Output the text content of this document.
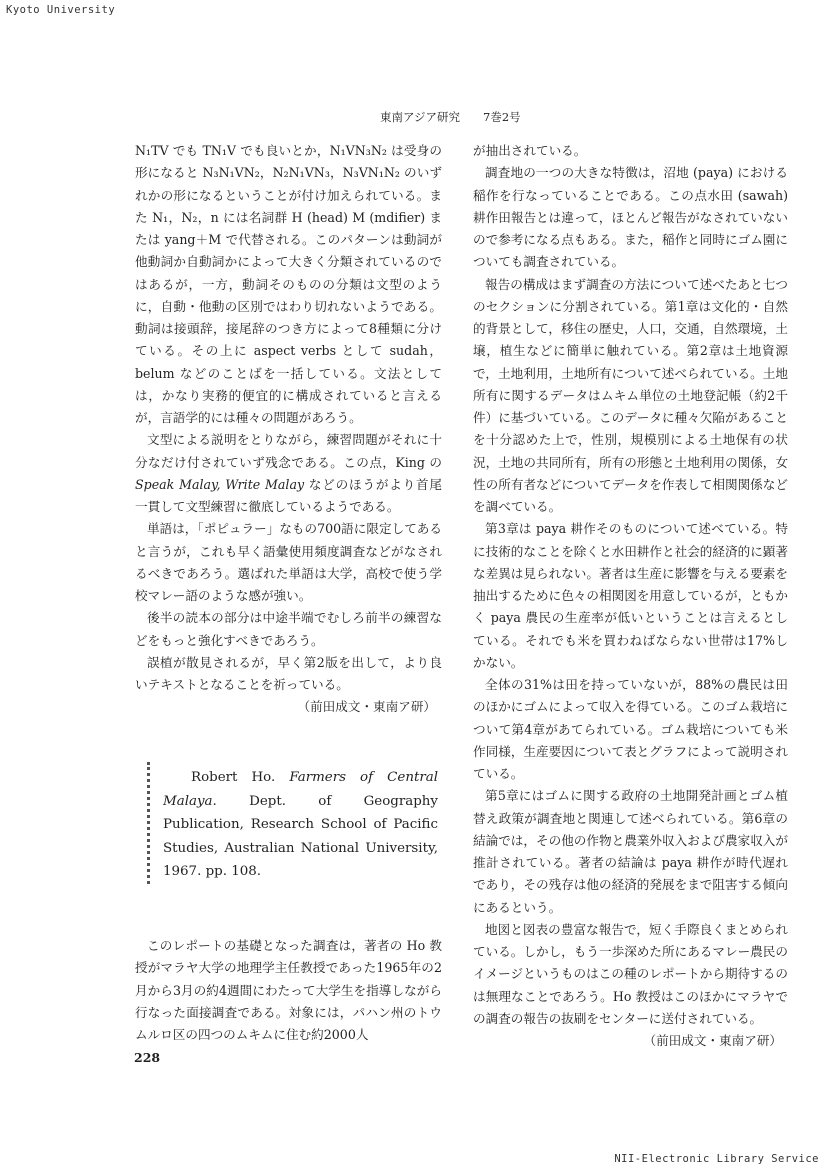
Kyoto University
東南アジア研究　　7巻2号

N₁TV でも TN₁V でも良いとか，N₁VN₃N₂ は受身の形になると N₃N₁VN₂，N₂N₁VN₃，N₃VN₁N₂ のいずれかの形になるということが付け加えられている。また N₁，N₂，n には名詞群 H (head) M (mdifier) または yang＋M で代替される。このパターンは動詞が他動詞か自動詞かによって大きく分類されているのではあるが，一方，動詞そのものの分類は文型のように，自動・他動の区別ではわり切れないようである。動詞は接頭辞，接尾辞のつき方によって8種類に分けている。その上に aspect verbs として sudah，belum などのことばを一括している。文法としては，かなり実務的便宜的に構成されていると言えるが，言語学的には種々の問題があろう。

文型による説明をとりながら，練習問題がそれに十分なだけ付されていず残念である。この点，King の Speak Malay, Write Malay などのほうがより首尾一貫して文型練習に徹底しているようである。

単語は，「ポピュラー」なもの700語に限定してあると言うが，これも早く語彙使用頻度調査などがなされるべきであろう。選ばれた単語は大学，高校で使う学校マレー語のような感が強い。

後半の読本の部分は中途半端でむしろ前半の練習などをもっと強化すべきであろう。

誤植が散見されるが，早く第2版を出して，より良いテキストとなることを祈っている。

（前田成文・東南ア研）

Robert Ho. Farmers of Central Malaya. Dept. of Geography Publication, Research School of Pacific Studies, Australian National University, 1967. pp. 108.

このレポートの基礎となった調査は，著者の Ho 教授がマラヤ大学の地理学主任教授であった1965年の2月から3月の約4週間にわたって大学生を指導しながら行なった面接調査である。対象には，パハン州のトウムルロ区の四つのムキムに住む約2000人

が抽出されている。

調査地の一つの大きな特徴は，沼地 (paya) における稲作を行なっていることである。この点水田 (sawah) 耕作田報告とは違って，ほとんど報告がなされていないので参考になる点もある。また，稲作と同時にゴム園についても調査されている。

報告の構成はまず調査の方法について述べたあと七つのセクションに分割されている。第1章は文化的・自然的背景として，移住の歴史，人口，交通，自然環境，土壌，植生などに簡単に触れている。第2章は土地資源で，土地利用，土地所有について述べられている。土地所有に関するデータはムキム単位の土地登記帳（約2千件）に基づいている。このデータに種々欠陥があることを十分認めた上で，性別，規模別による土地保有の状況，土地の共同所有，所有の形態と土地利用の関係，女性の所有者などについてデータを作表して相関関係などを調べている。

第3章は paya 耕作そのものについて述べている。特に技術的なことを除くと水田耕作と社会的経済的に顕著な差異は見られない。著者は生産に影響を与える要素を抽出するために色々の相関図を用意しているが，ともかく paya 農民の生産率が低いということは言えるとしている。それでも米を買わねばならない世帯は17%しかない。

全体の31%は田を持っていないが，88%の農民は田のほかにゴムによって収入を得ている。このゴム栽培について第4章があてられている。ゴム栽培についても米作同様，生産要因について表とグラフによって説明されている。

第5章にはゴムに関する政府の土地開発計画とゴム植替え政策が調査地と関連して述べられている。第6章の結論では，その他の作物と農業外収入および農家収入が推計されている。著者の結論は paya 耕作が時代遅れであり，その残存は他の経済的発展をまで阻害する傾向にあるという。

地図と図表の豊富な報告で，短く手際良くまとめられている。しかし，もう一歩深めた所にあるマレー農民のイメージというものはこの種のレポートから期待するのは無理なことであろう。Ho 教授はこのほかにマラヤでの調査の報告の抜刷をセンターに送付されている。

（前田成文・東南ア研）

228
NII-Electronic Library Service
